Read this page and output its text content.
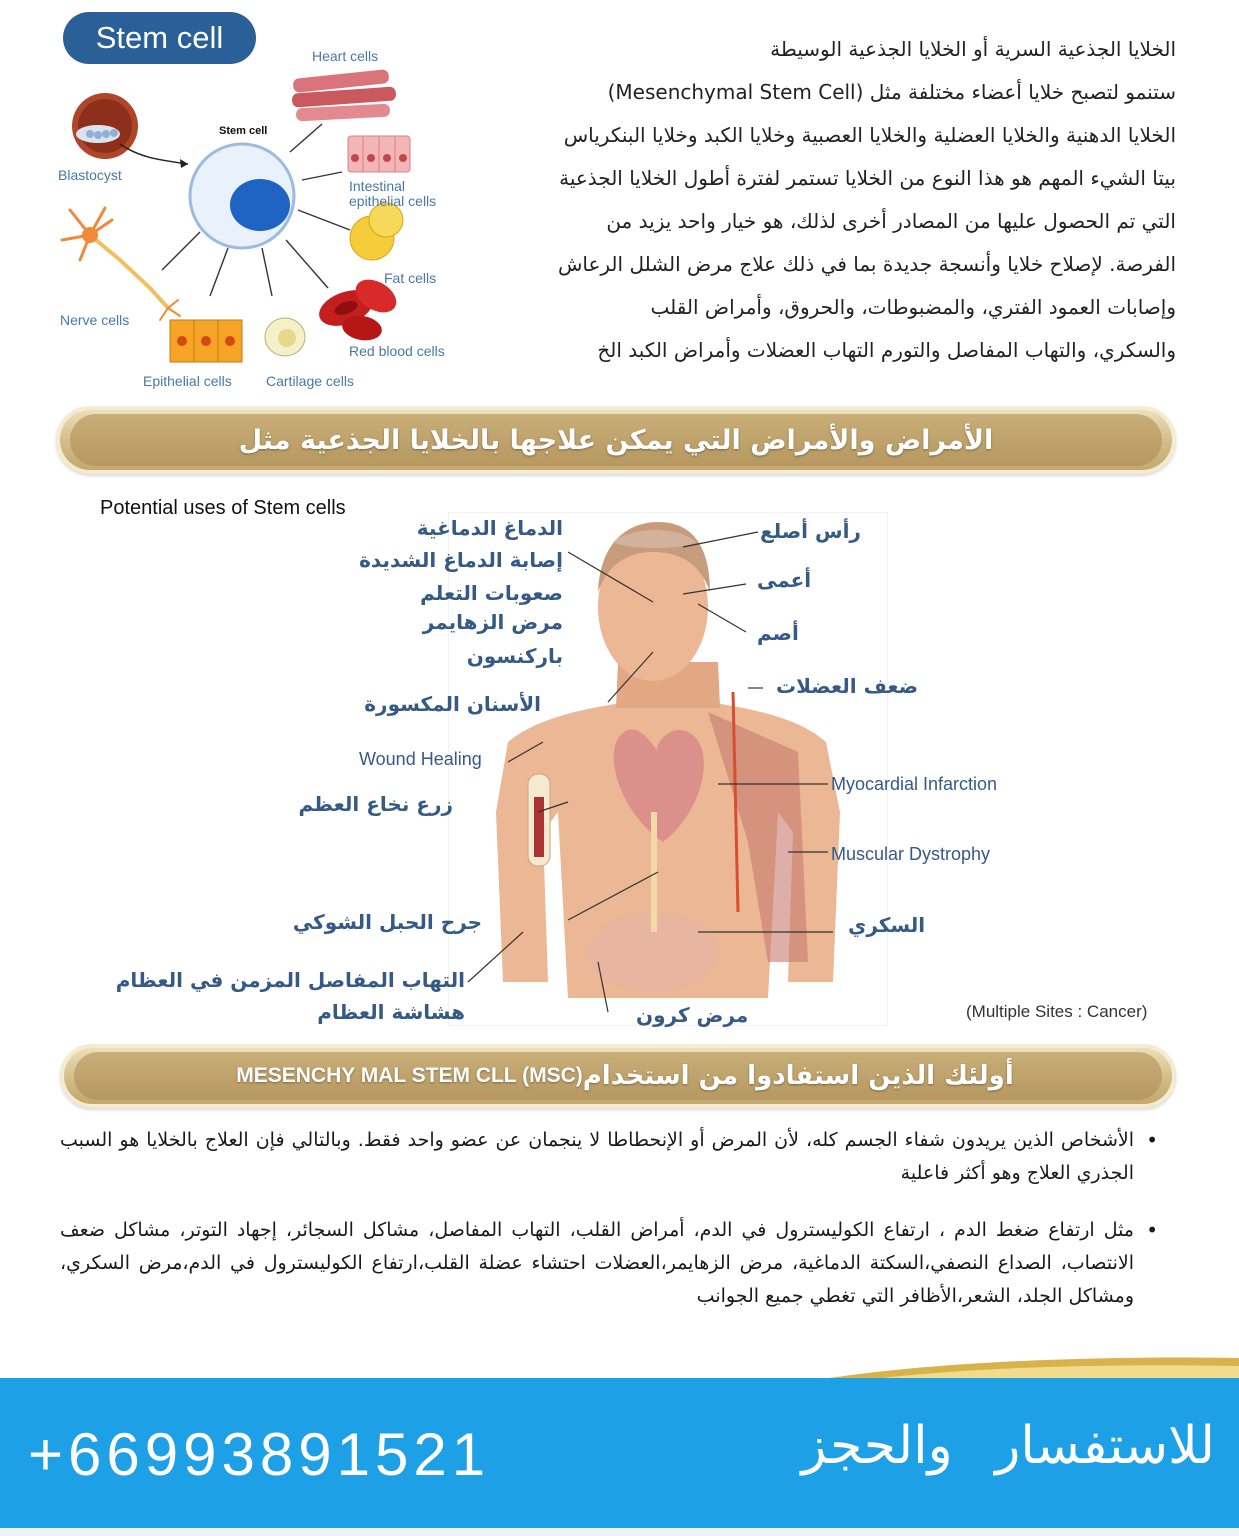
Stem cell
Stem cell
Blastocyst
Heart cells
Intestinal
epithelial cells
Fat cells
Red blood cells
Cartilage cells
Epithelial cells
Nerve cells

الخلايا الجذعية السرية أو الخلايا الجذعية الوسيطة

ستنمو لتصبح خلايا أعضاء مختلفة مثل (Mesenchymal Stem Cell)

الخلايا الدهنية والخلايا العضلية والخلايا العصبية وخلايا الكبد وخلايا البنكرياس

بيتا الشيء المهم هو هذا النوع من الخلايا تستمر لفترة أطول الخلايا الجذعية

التي تم الحصول عليها من المصادر أخرى لذلك، هو خيار واحد يزيد من

الفرصة. لإصلاح خلايا وأنسجة جديدة بما في ذلك علاج مرض الشلل الرعاش

وإصابات العمود الفتري، والمضبوطات، والحروق، وأمراض القلب

والسكري، والتهاب المفاصل والتورم التهاب العضلات وأمراض الكبد الخ

الأمراض والأمراض التي يمكن علاجها بالخلايا الجذعية مثل
Potential uses of Stem cells
الدماغ الدماغية
إصابة الدماغ الشديدة
صعوبات التعلم
مرض الزهايمر
باركنسون
الأسنان المكسورة
Wound Healing
زرع نخاع العظم
جرح الحبل الشوكي
التهاب المفاصل المزمن في العظام
هشاشة العظام
رأس أصلع
أعمى
أصم
ضعف العضلات
Myocardial Infarction
Muscular Dystrophy
السكري
مرض كرون	(Multiple Sites : Cancer)
أولئك الذين استفادوا من استخدام
MESENCHY MAL STEM CLL (MSC)
• الأشخاص الذين يريدون شفاء الجسم كله، لأن المرض أو الإنحطاطا لا ينجمان عن عضو واحد فقط. وبالتالي فإن العلاج بالخلايا هو السبب الجذري العلاج وهو أكثر فاعلية
• مثل ارتفاع ضغط الدم ، ارتفاع الكوليسترول في الدم، أمراض القلب، التهاب المفاصل، مشاكل السجائر، إجهاد التوتر، مشاكل ضعف الانتصاب، الصداع النصفي،السكتة الدماغية، مرض الزهايمر،العضلات احتشاء عضلة القلب،ارتفاع الكوليسترول في الدم،مرض السكري، ومشاكل الجلد، الشعر،الأظافر التي تغطي جميع الجوانب
+66993891521	للاستفسار والحجز
